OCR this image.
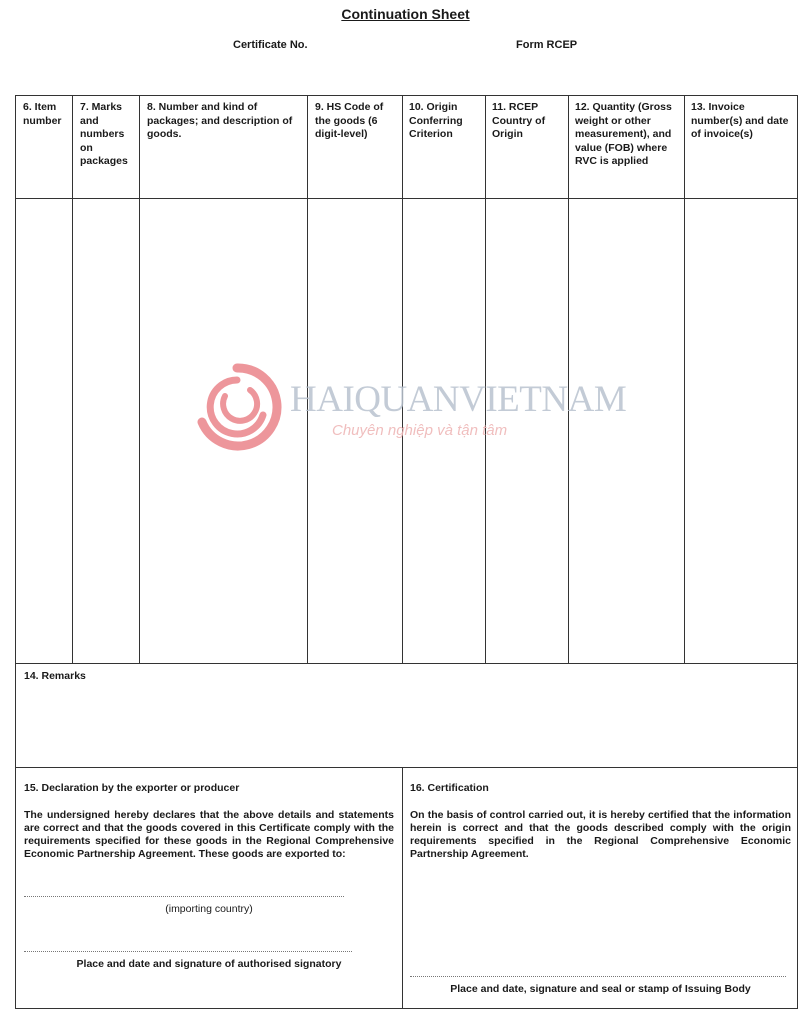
Continuation Sheet
Certificate No.	Form RCEP
6. Item number
7. Marks and numbers on packages
8. Number and kind of packages; and description of goods.
9. HS Code of the goods (6 digit-level)
10. Origin Conferring Criterion
11. RCEP Country of Origin
12. Quantity (Gross weight or other measurement), and value (FOB) where RVC is applied
13. Invoice number(s) and date of invoice(s)
14. Remarks
15. Declaration by the exporter or producer
The undersigned hereby declares that the above details and statements are correct and that the goods covered in this Certificate comply with the requirements specified for these goods in the Regional Comprehensive Economic Partnership Agreement. These goods are exported to:
(importing country)
Place and date and signature of authorised signatory
16. Certification
On the basis of control carried out, it is hereby certified that the information herein is correct and that the goods described comply with the origin requirements specified in the Regional Comprehensive Economic Partnership Agreement.
Place and date, signature and seal or stamp of Issuing Body
HAIQUANVIETNAM
Chuyên nghiệp và tận tâm
